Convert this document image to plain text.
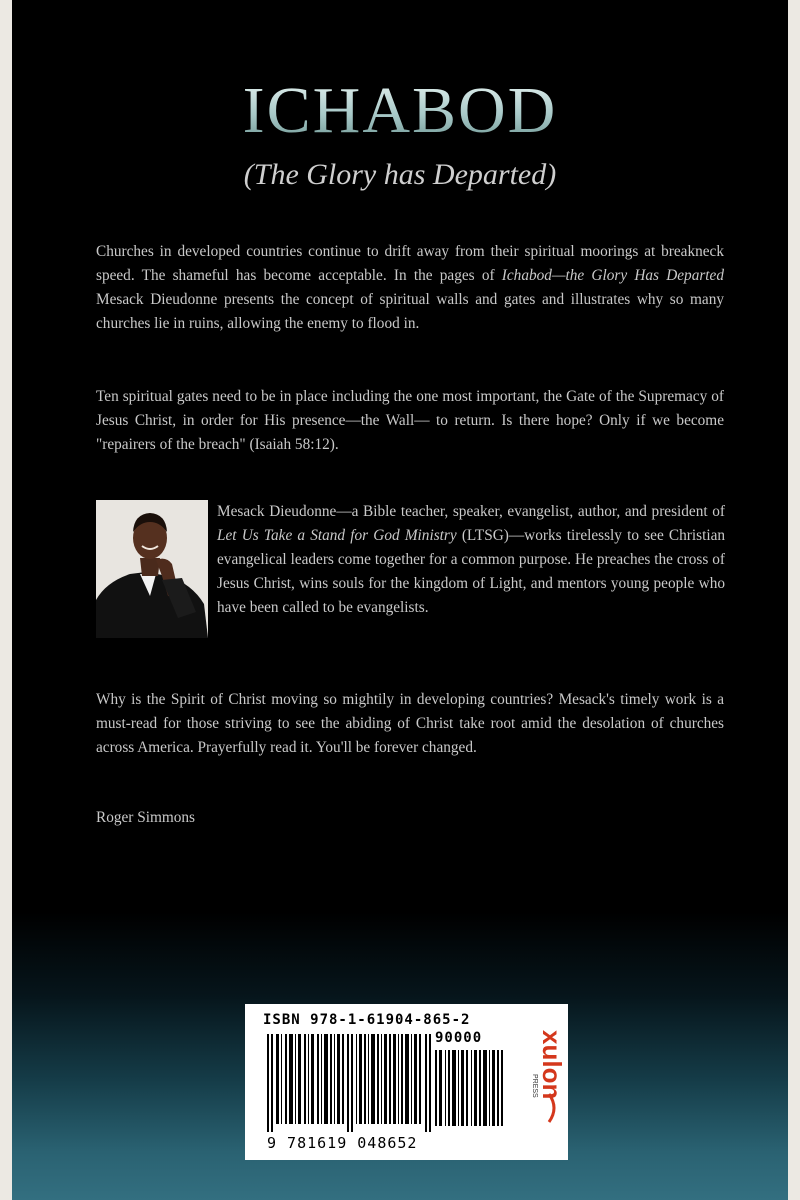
ICHABOD
(The Glory has Departed)

Churches in developed countries continue to drift away from their spiritual moorings at breakneck speed. The shameful has become acceptable. In the pages of Ichabod—the Glory Has Departed Mesack Dieudonne presents the concept of spiritual walls and gates and illustrates why so many churches lie in ruins, allowing the enemy to flood in.

Ten spiritual gates need to be in place including the one most important, the Gate of the Supremacy of Jesus Christ, in order for His presence—the Wall— to return. Is there hope? Only if we become "repairers of the breach" (Isaiah 58:12).

Mesack Dieudonne—a Bible teacher, speaker, evangelist, author, and president of Let Us Take a Stand for God Ministry (LTSG)—works tirelessly to see Christian evangelical leaders come together for a common purpose. He preaches the cross of Jesus Christ, wins souls for the kingdom of Light, and mentors young people who have been called to be evangelists.

Why is the Spirit of Christ moving so mightily in developing countries? Mesack's timely work is a must-read for those striving to see the abiding of Christ take root amid the desolation of churches across America. Prayerfully read it. You'll be forever changed.

Roger Simmons

ISBN 978-1-61904-865-2
90000
9 781619 048652
xulon
PRESS
